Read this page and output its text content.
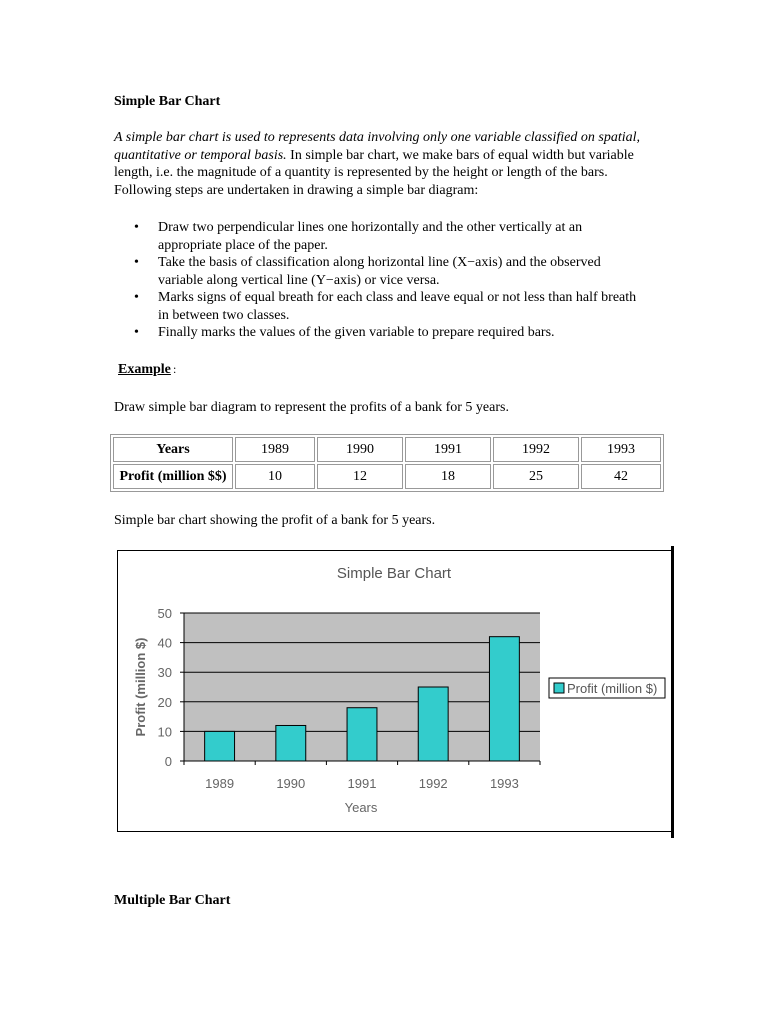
Simple Bar Chart
A simple bar chart is used to represents data involving only one variable classified on spatial, quantitative or temporal basis. In simple bar chart, we make bars of equal width but variable length, i.e. the magnitude of a quantity is represented by the height or length of the bars. Following steps are undertaken in drawing a simple bar diagram:
• Draw two perpendicular lines one horizontally and the other vertically at an appropriate place of the paper.
• Take the basis of classification along horizontal line (X−axis) and the observed variable along vertical line (Y−axis) or vice versa.
• Marks signs of equal breath for each class and leave equal or not less than half breath in between two classes.
• Finally marks the values of the given variable to prepare required bars.
Example :
Draw simple bar diagram to represent the profits of a bank for 5 years.
Years	1989	1990	1991	1992	1993
Profit (million $$)	10	12	18	25	42
Simple bar chart showing the profit of a bank for 5 years.
Simple Bar Chart
0
10
20
30
40
50
1989	1990	1991	1992	1993
Years
Profit (million $)	Profit (million $)
Multiple Bar Chart
